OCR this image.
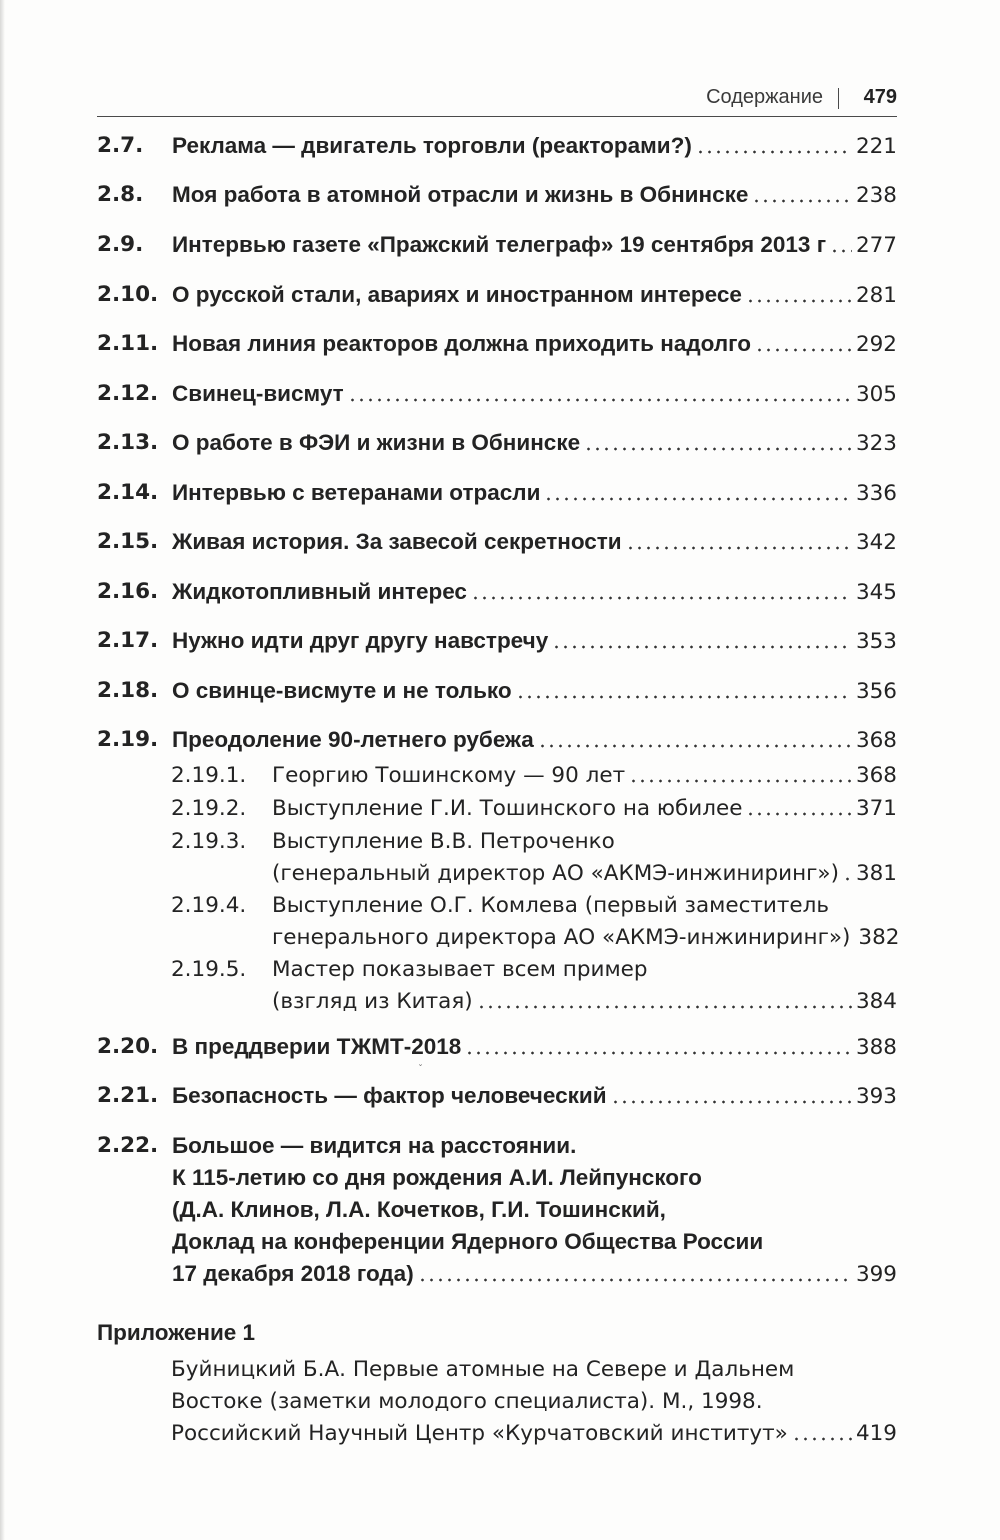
Содержание 479
2.7. Реклама — двигатель торговли (реакторами?)	221
2.8. Моя работа в атомной отрасли и жизнь в Обнинске	238
2.9. Интервью газете «Пражский телеграф» 19 сентября 2013 г 277
2.10. О русской стали, авариях и иностранном интересе	281
2.11. Новая линия реакторов должна приходить надолго	292
2.12. Свинец-висмут	305
2.13. О работе в ФЭИ и жизни в Обнинске	323
2.14. Интервью с ветеранами отрасли	336
2.15. Живая история. За завесой секретности	342
2.16. Жидкотопливный интерес	345
2.17. Нужно идти друг другу навстречу	353
2.18. О свинце-висмуте и не только	356
2.19. Преодоление 90-летнего рубежа	368
2.19.1. Георгию Тошинскому — 90 лет	368
2.19.2. Выступление Г.И. Тошинского на юбилее	371
2.19.3. Выступление В.В. Петроченко
(генеральный директор АО «АКМЭ-инжиниринг») 381
2.19.4. Выступление О.Г. Комлева (первый заместитель
генерального директора АО «АКМЭ-инжиниринг») 382
2.19.5. Мастер показывает всем пример
(взгляд из Китая)	384
2.20. В преддверии ТЖМТ-2018	388
ˇ
2.21. Безопасность — фактор человеческий	393
2.22. Большое — видится на расстоянии.
К 115-летию со дня рождения А.И. Лейпунского
(Д.А. Клинов, Л.А. Кочетков, Г.И. Тошинский,
Доклад на конференции Ядерного Общества России
17 декабря 2018 года)	399
Приложение 1
Буйницкий Б.А. Первые атомные на Севере и Дальнем
Востоке (заметки молодого специалиста). М., 1998.
Российский Научный Центр «Курчатовский институт»	419
